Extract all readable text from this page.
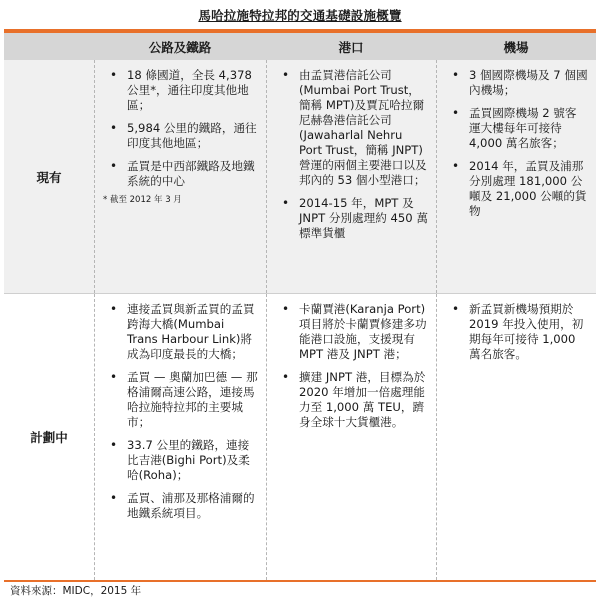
馬哈拉施特拉邦的交通基礎設施概覽
公路及鐵路	港口	機場
現有
• 18 條國道，全長 4,378 公里*，通往印度其他地區；
• 5,984 公里的鐵路，通往印度其他地區；
• 孟買是中西部鐵路及地鐵系統的中心
* 截至 2012 年 3 月
• 由孟買港信託公司(Mumbai Port Trust，簡稱 MPT)及賈瓦哈拉爾尼赫魯港信託公司(Jawaharlal Nehru Port Trust，簡稱 JNPT)營運的兩個主要港口以及邦內的 53 個小型港口；
• 2014-15 年，MPT 及 JNPT 分別處理約 450 萬標準貨櫃
• 3 個國際機場及 7 個國內機場；
• 孟買國際機場 2 號客運大樓每年可接待 4,000 萬名旅客；
• 2014 年，孟買及浦那分別處理 181,000 公噸及 21,000 公噸的貨物
計劃中
• 連接孟買與新孟買的孟買跨海大橋(Mumbai Trans Harbour Link)將成為印度最長的大橋；
• 孟買 — 奧蘭加巴德 — 那格浦爾高速公路，連接馬哈拉施特拉邦的主要城市；
• 33.7 公里的鐵路，連接比吉港(Bighi Port)及柔哈(Roha)；
• 孟買、浦那及那格浦爾的地鐵系統項目。
• 卡蘭賈港(Karanja Port)項目將於卡蘭賈修建多功能港口設施，支援現有 MPT 港及 JNPT 港；
• 擴建 JNPT 港，目標為於 2020 年增加一倍處理能力至 1,000 萬 TEU，躋身全球十大貨櫃港。
• 新孟買新機場預期於 2019 年投入使用，初期每年可接待 1,000 萬名旅客。
資料來源：MIDC，2015 年
